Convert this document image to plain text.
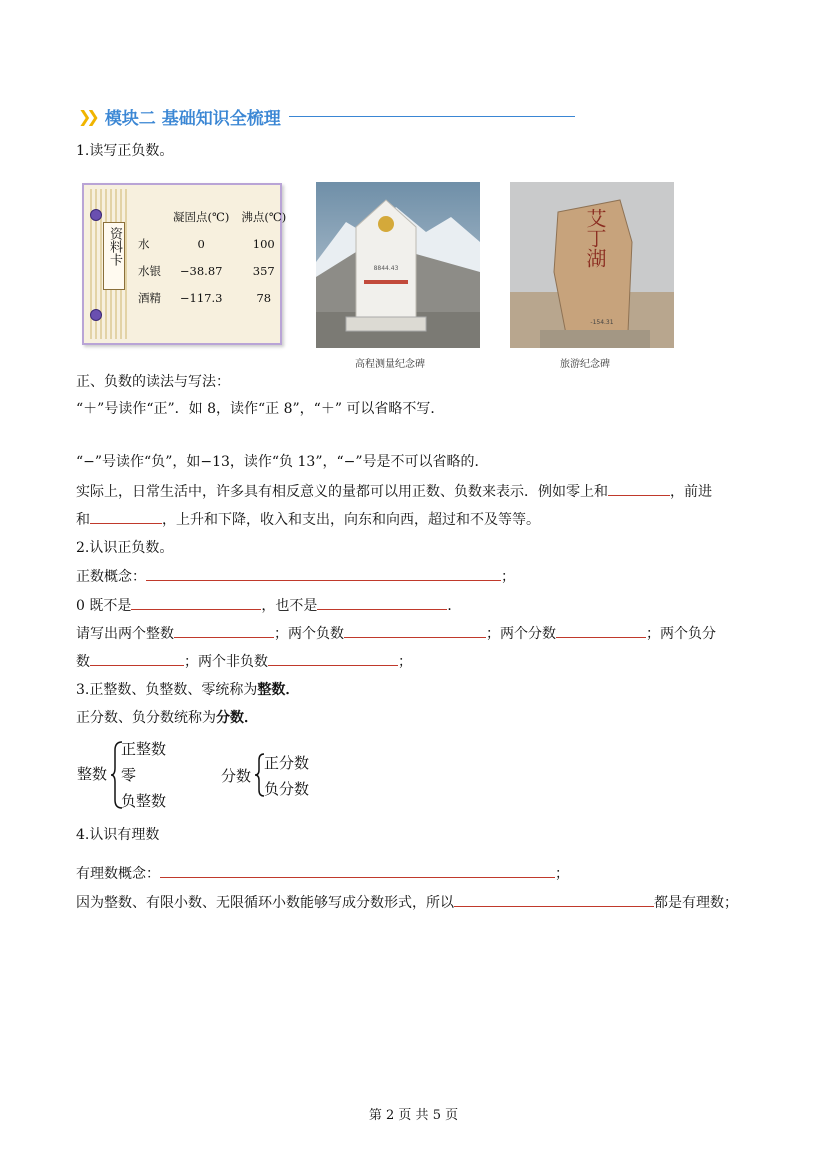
❯❯ 模块二 基础知识全梳理
1.读写正负数。
资料卡
	凝固点(℃)	沸点(℃)
水	0	100
水银	−38.87	357
酒精	−117.3	78
8844.43
高程测量纪念碑
艾丁湖
-154.31
旅游纪念碑
正、负数的读法与写法：
“＋”号读作“正”．如 8，读作“正 8”，“＋” 可以省略不写．
“−”号读作“负”，如−13，读作“负 13”，“−”号是不可以省略的．
实际上，日常生活中，许多具有相反意义的量都可以用正数、负数来表示．例如零上和	，前进
和	，上升和下降，收入和支出，向东和向西，超过和不及等等。
2.认识正负数。
正数概念：	；
0 既不是	，也不是	．
请写出两个整数	；两个负数	；两个分数	；两个负分
数	；两个非负数	；
3.正整数、负整数、零统称为整数．
正分数、负分数统称为分数．
整数
正整数
零
负整数
分数
正分数
负分数
4.认识有理数
有理数概念：	；
因为整数、有限小数、无限循环小数能够写成分数形式，所以	都是有理数；
第 2 页 共 5 页
